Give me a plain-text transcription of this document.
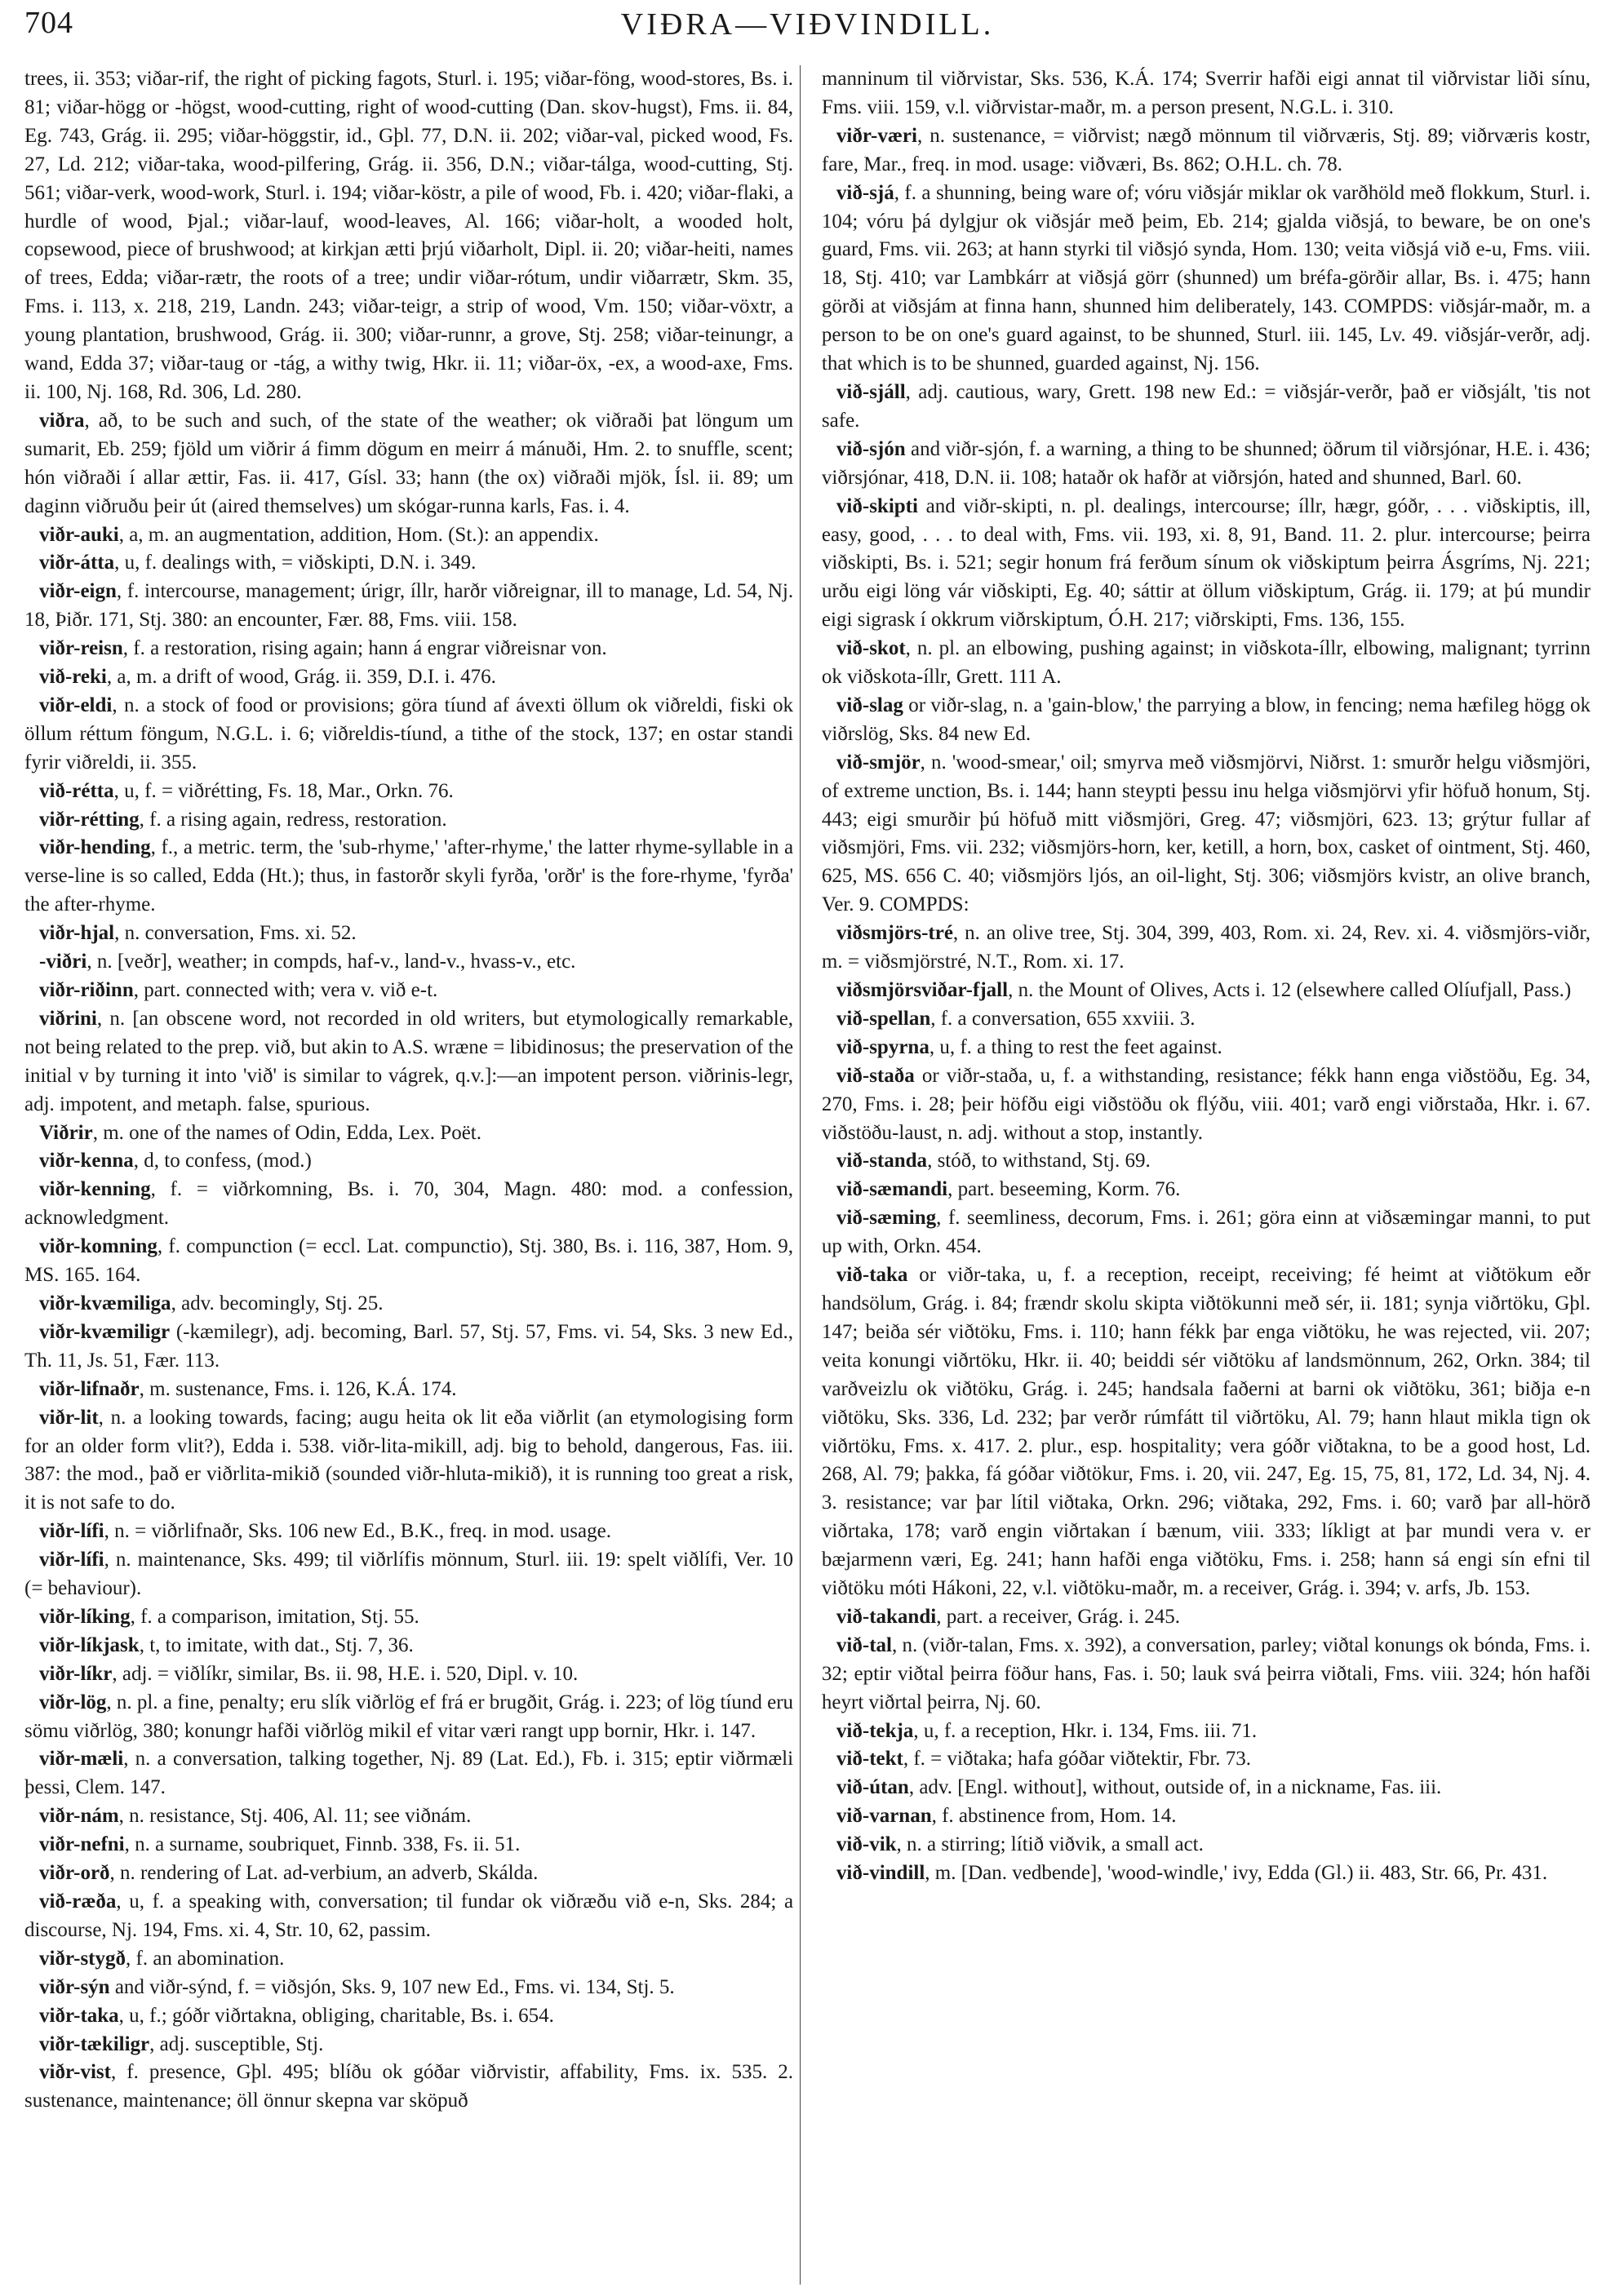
704	VIÐRA—VIÐVINDILL.

trees, ii. 353; viðar-rif, the right of picking fagots, Sturl. i. 195; viðar-föng, wood-stores, Bs. i. 81; viðar-högg or -högst, wood-cutting, right of wood-cutting (Dan. skov-hugst), Fms. ii. 84, Eg. 743, Grág. ii. 295; viðar-höggstir, id., Gþl. 77, D.N. ii. 202; viðar-val, picked wood, Fs. 27, Ld. 212; viðar-taka, wood-pilfering, Grág. ii. 356, D.N.; viðar-tálga, wood-cutting, Stj. 561; viðar-verk, wood-work, Sturl. i. 194; viðar-köstr, a pile of wood, Fb. i. 420; viðar-flaki, a hurdle of wood, Þjal.; viðar-lauf, wood-leaves, Al. 166; viðar-holt, a wooded holt, copsewood, piece of brushwood; at kirkjan ætti þrjú viðarholt, Dipl. ii. 20; viðar-heiti, names of trees, Edda; viðar-rætr, the roots of a tree; undir viðar-rótum, undir viðarrætr, Skm. 35, Fms. i. 113, x. 218, 219, Landn. 243; viðar-teigr, a strip of wood, Vm. 150; viðar-vöxtr, a young plantation, brushwood, Grág. ii. 300; viðar-runnr, a grove, Stj. 258; viðar-teinungr, a wand, Edda 37; viðar-taug or -tág, a withy twig, Hkr. ii. 11; viðar-öx, -ex, a wood-axe, Fms. ii. 100, Nj. 168, Rd. 306, Ld. 280.

viðra, að, to be such and such, of the state of the weather; ok viðraði þat löngum um sumarit, Eb. 259; fjöld um viðrir á fimm dögum en meirr á mánuði, Hm. 2. to snuffle, scent; hón viðraði í allar ættir, Fas. ii. 417, Gísl. 33; hann (the ox) viðraði mjök, Ísl. ii. 89; um daginn viðruðu þeir út (aired themselves) um skógar-runna karls, Fas. i. 4.

viðr-auki, a, m. an augmentation, addition, Hom. (St.): an appendix.

viðr-átta, u, f. dealings with, = viðskipti, D.N. i. 349.

viðr-eign, f. intercourse, management; úrigr, íllr, harðr viðreignar, ill to manage, Ld. 54, Nj. 18, Þiðr. 171, Stj. 380: an encounter, Fær. 88, Fms. viii. 158.

viðr-reisn, f. a restoration, rising again; hann á engrar viðreisnar von.

við-reki, a, m. a drift of wood, Grág. ii. 359, D.I. i. 476.

viðr-eldi, n. a stock of food or provisions; göra tíund af ávexti öllum ok viðreldi, fiski ok öllum réttum föngum, N.G.L. i. 6; viðreldis-tíund, a tithe of the stock, 137; en ostar standi fyrir viðreldi, ii. 355.

við-rétta, u, f. = viðrétting, Fs. 18, Mar., Orkn. 76.

viðr-rétting, f. a rising again, redress, restoration.

viðr-hending, f., a metric. term, the 'sub-rhyme,' 'after-rhyme,' the latter rhyme-syllable in a verse-line is so called, Edda (Ht.); thus, in fastorðr skyli fyrða, 'orðr' is the fore-rhyme, 'fyrða' the after-rhyme.

viðr-hjal, n. conversation, Fms. xi. 52.

-viðri, n. [veðr], weather; in compds, haf-v., land-v., hvass-v., etc.

viðr-riðinn, part. connected with; vera v. við e-t.

viðrini, n. [an obscene word, not recorded in old writers, but etymologically remarkable, not being related to the prep. við, but akin to A.S. wræne = libidinosus; the preservation of the initial v by turning it into 'við' is similar to vágrek, q.v.]:—an impotent person. viðrinis-legr, adj. impotent, and metaph. false, spurious.

Viðrir, m. one of the names of Odin, Edda, Lex. Poët.

viðr-kenna, d, to confess, (mod.)

viðr-kenning, f. = viðrkomning, Bs. i. 70, 304, Magn. 480: mod. a confession, acknowledgment.

viðr-komning, f. compunction (= eccl. Lat. compunctio), Stj. 380, Bs. i. 116, 387, Hom. 9, MS. 165. 164.

viðr-kvæmiliga, adv. becomingly, Stj. 25.

viðr-kvæmiligr (-kæmilegr), adj. becoming, Barl. 57, Stj. 57, Fms. vi. 54, Sks. 3 new Ed., Th. 11, Js. 51, Fær. 113.

viðr-lifnaðr, m. sustenance, Fms. i. 126, K.Á. 174.

viðr-lit, n. a looking towards, facing; augu heita ok lit eða viðrlit (an etymologising form for an older form vlit?), Edda i. 538. viðr-lita-mikill, adj. big to behold, dangerous, Fas. iii. 387: the mod., það er viðrlita-mikið (sounded viðr-hluta-mikið), it is running too great a risk, it is not safe to do.

viðr-lífi, n. = viðrlifnaðr, Sks. 106 new Ed., B.K., freq. in mod. usage.

viðr-lífi, n. maintenance, Sks. 499; til viðrlífis mönnum, Sturl. iii. 19: spelt viðlífi, Ver. 10 (= behaviour).

viðr-líking, f. a comparison, imitation, Stj. 55.

viðr-líkjask, t, to imitate, with dat., Stj. 7, 36.

viðr-líkr, adj. = viðlíkr, similar, Bs. ii. 98, H.E. i. 520, Dipl. v. 10.

viðr-lög, n. pl. a fine, penalty; eru slík viðrlög ef frá er brugðit, Grág. i. 223; of lög tíund eru sömu viðrlög, 380; konungr hafði viðrlög mikil ef vitar væri rangt upp bornir, Hkr. i. 147.

viðr-mæli, n. a conversation, talking together, Nj. 89 (Lat. Ed.), Fb. i. 315; eptir viðrmæli þessi, Clem. 147.

viðr-nám, n. resistance, Stj. 406, Al. 11; see viðnám.

viðr-nefni, n. a surname, soubriquet, Finnb. 338, Fs. ii. 51.

viðr-orð, n. rendering of Lat. ad-verbium, an adverb, Skálda.

við-ræða, u, f. a speaking with, conversation; til fundar ok viðræðu við e-n, Sks. 284; a discourse, Nj. 194, Fms. xi. 4, Str. 10, 62, passim.

viðr-stygð, f. an abomination.

viðr-sýn and viðr-sýnd, f. = viðsjón, Sks. 9, 107 new Ed., Fms. vi. 134, Stj. 5.

viðr-taka, u, f.; góðr viðrtakna, obliging, charitable, Bs. i. 654.

viðr-tækiligr, adj. susceptible, Stj.

viðr-vist, f. presence, Gþl. 495; blíðu ok góðar viðrvistir, affability, Fms. ix. 535. 2. sustenance, maintenance; öll önnur skepna var sköpuð

manninum til viðrvistar, Sks. 536, K.Á. 174; Sverrir hafði eigi annat til viðrvistar liði sínu, Fms. viii. 159, v.l. viðrvistar-maðr, m. a person present, N.G.L. i. 310.

viðr-væri, n. sustenance, = viðrvist; nægð mönnum til viðrværis, Stj. 89; viðrværis kostr, fare, Mar., freq. in mod. usage: viðværi, Bs. 862; O.H.L. ch. 78.

við-sjá, f. a shunning, being ware of; vóru viðsjár miklar ok varðhöld með flokkum, Sturl. i. 104; vóru þá dylgjur ok viðsjár með þeim, Eb. 214; gjalda viðsjá, to beware, be on one's guard, Fms. vii. 263; at hann styrki til viðsjó synda, Hom. 130; veita viðsjá við e-u, Fms. viii. 18, Stj. 410; var Lambkárr at viðsjá görr (shunned) um bréfa-görðir allar, Bs. i. 475; hann görði at viðsjám at finna hann, shunned him deliberately, 143. COMPDS: viðsjár-maðr, m. a person to be on one's guard against, to be shunned, Sturl. iii. 145, Lv. 49. viðsjár-verðr, adj. that which is to be shunned, guarded against, Nj. 156.

við-sjáll, adj. cautious, wary, Grett. 198 new Ed.: = viðsjár-verðr, það er viðsjált, 'tis not safe.

við-sjón and viðr-sjón, f. a warning, a thing to be shunned; öðrum til viðrsjónar, H.E. i. 436; viðrsjónar, 418, D.N. ii. 108; hataðr ok hafðr at viðrsjón, hated and shunned, Barl. 60.

við-skipti and viðr-skipti, n. pl. dealings, intercourse; íllr, hægr, góðr, . . . viðskiptis, ill, easy, good, . . . to deal with, Fms. vii. 193, xi. 8, 91, Band. 11. 2. plur. intercourse; þeirra viðskipti, Bs. i. 521; segir honum frá ferðum sínum ok viðskiptum þeirra Ásgríms, Nj. 221; urðu eigi löng vár viðskipti, Eg. 40; sáttir at öllum viðskiptum, Grág. ii. 179; at þú mundir eigi sigrask í okkrum viðrskiptum, Ó.H. 217; viðrskipti, Fms. 136, 155.

við-skot, n. pl. an elbowing, pushing against; in viðskota-íllr, elbowing, malignant; tyrrinn ok viðskota-íllr, Grett. 111 A.

við-slag or viðr-slag, n. a 'gain-blow,' the parrying a blow, in fencing; nema hæfileg högg ok viðrslög, Sks. 84 new Ed.

við-smjör, n. 'wood-smear,' oil; smyrva með viðsmjörvi, Niðrst. 1: smurðr helgu viðsmjöri, of extreme unction, Bs. i. 144; hann steypti þessu inu helga viðsmjörvi yfir höfuð honum, Stj. 443; eigi smurðir þú höfuð mitt viðsmjöri, Greg. 47; viðsmjöri, 623. 13; grýtur fullar af viðsmjöri, Fms. vii. 232; viðsmjörs-horn, ker, ketill, a horn, box, casket of ointment, Stj. 460, 625, MS. 656 C. 40; viðsmjörs ljós, an oil-light, Stj. 306; viðsmjörs kvistr, an olive branch, Ver. 9. COMPDS:

viðsmjörs-tré, n. an olive tree, Stj. 304, 399, 403, Rom. xi. 24, Rev. xi. 4. viðsmjörs-viðr, m. = viðsmjörstré, N.T., Rom. xi. 17.

viðsmjörsviðar-fjall, n. the Mount of Olives, Acts i. 12 (elsewhere called Olíufjall, Pass.)

við-spellan, f. a conversation, 655 xxviii. 3.

við-spyrna, u, f. a thing to rest the feet against.

við-staða or viðr-staða, u, f. a withstanding, resistance; fékk hann enga viðstöðu, Eg. 34, 270, Fms. i. 28; þeir höfðu eigi viðstöðu ok flýðu, viii. 401; varð engi viðrstaða, Hkr. i. 67. viðstöðu-laust, n. adj. without a stop, instantly.

við-standa, stóð, to withstand, Stj. 69.

við-sæmandi, part. beseeming, Korm. 76.

við-sæming, f. seemliness, decorum, Fms. i. 261; göra einn at viðsæmingar manni, to put up with, Orkn. 454.

við-taka or viðr-taka, u, f. a reception, receipt, receiving; fé heimt at viðtökum eðr handsölum, Grág. i. 84; frændr skolu skipta viðtökunni með sér, ii. 181; synja viðrtöku, Gþl. 147; beiða sér viðtöku, Fms. i. 110; hann fékk þar enga viðtöku, he was rejected, vii. 207; veita konungi viðrtöku, Hkr. ii. 40; beiddi sér viðtöku af landsmönnum, 262, Orkn. 384; til varðveizlu ok viðtöku, Grág. i. 245; handsala faðerni at barni ok viðtöku, 361; biðja e-n viðtöku, Sks. 336, Ld. 232; þar verðr rúmfátt til viðrtöku, Al. 79; hann hlaut mikla tign ok viðrtöku, Fms. x. 417. 2. plur., esp. hospitality; vera góðr viðtakna, to be a good host, Ld. 268, Al. 79; þakka, fá góðar viðtökur, Fms. i. 20, vii. 247, Eg. 15, 75, 81, 172, Ld. 34, Nj. 4. 3. resistance; var þar lítil viðtaka, Orkn. 296; viðtaka, 292, Fms. i. 60; varð þar all-hörð viðrtaka, 178; varð engin viðrtakan í bænum, viii. 333; líkligt at þar mundi vera v. er bæjarmenn væri, Eg. 241; hann hafði enga viðtöku, Fms. i. 258; hann sá engi sín efni til viðtöku móti Hákoni, 22, v.l. viðtöku-maðr, m. a receiver, Grág. i. 394; v. arfs, Jb. 153.

við-takandi, part. a receiver, Grág. i. 245.

við-tal, n. (viðr-talan, Fms. x. 392), a conversation, parley; viðtal konungs ok bónda, Fms. i. 32; eptir viðtal þeirra föður hans, Fas. i. 50; lauk svá þeirra viðtali, Fms. viii. 324; hón hafði heyrt viðrtal þeirra, Nj. 60.

við-tekja, u, f. a reception, Hkr. i. 134, Fms. iii. 71.

við-tekt, f. = viðtaka; hafa góðar viðtektir, Fbr. 73.

við-útan, adv. [Engl. without], without, outside of, in a nickname, Fas. iii.

við-varnan, f. abstinence from, Hom. 14.

við-vik, n. a stirring; lítið viðvik, a small act.

við-vindill, m. [Dan. vedbende], 'wood-windle,' ivy, Edda (Gl.) ii. 483, Str. 66, Pr. 431.
